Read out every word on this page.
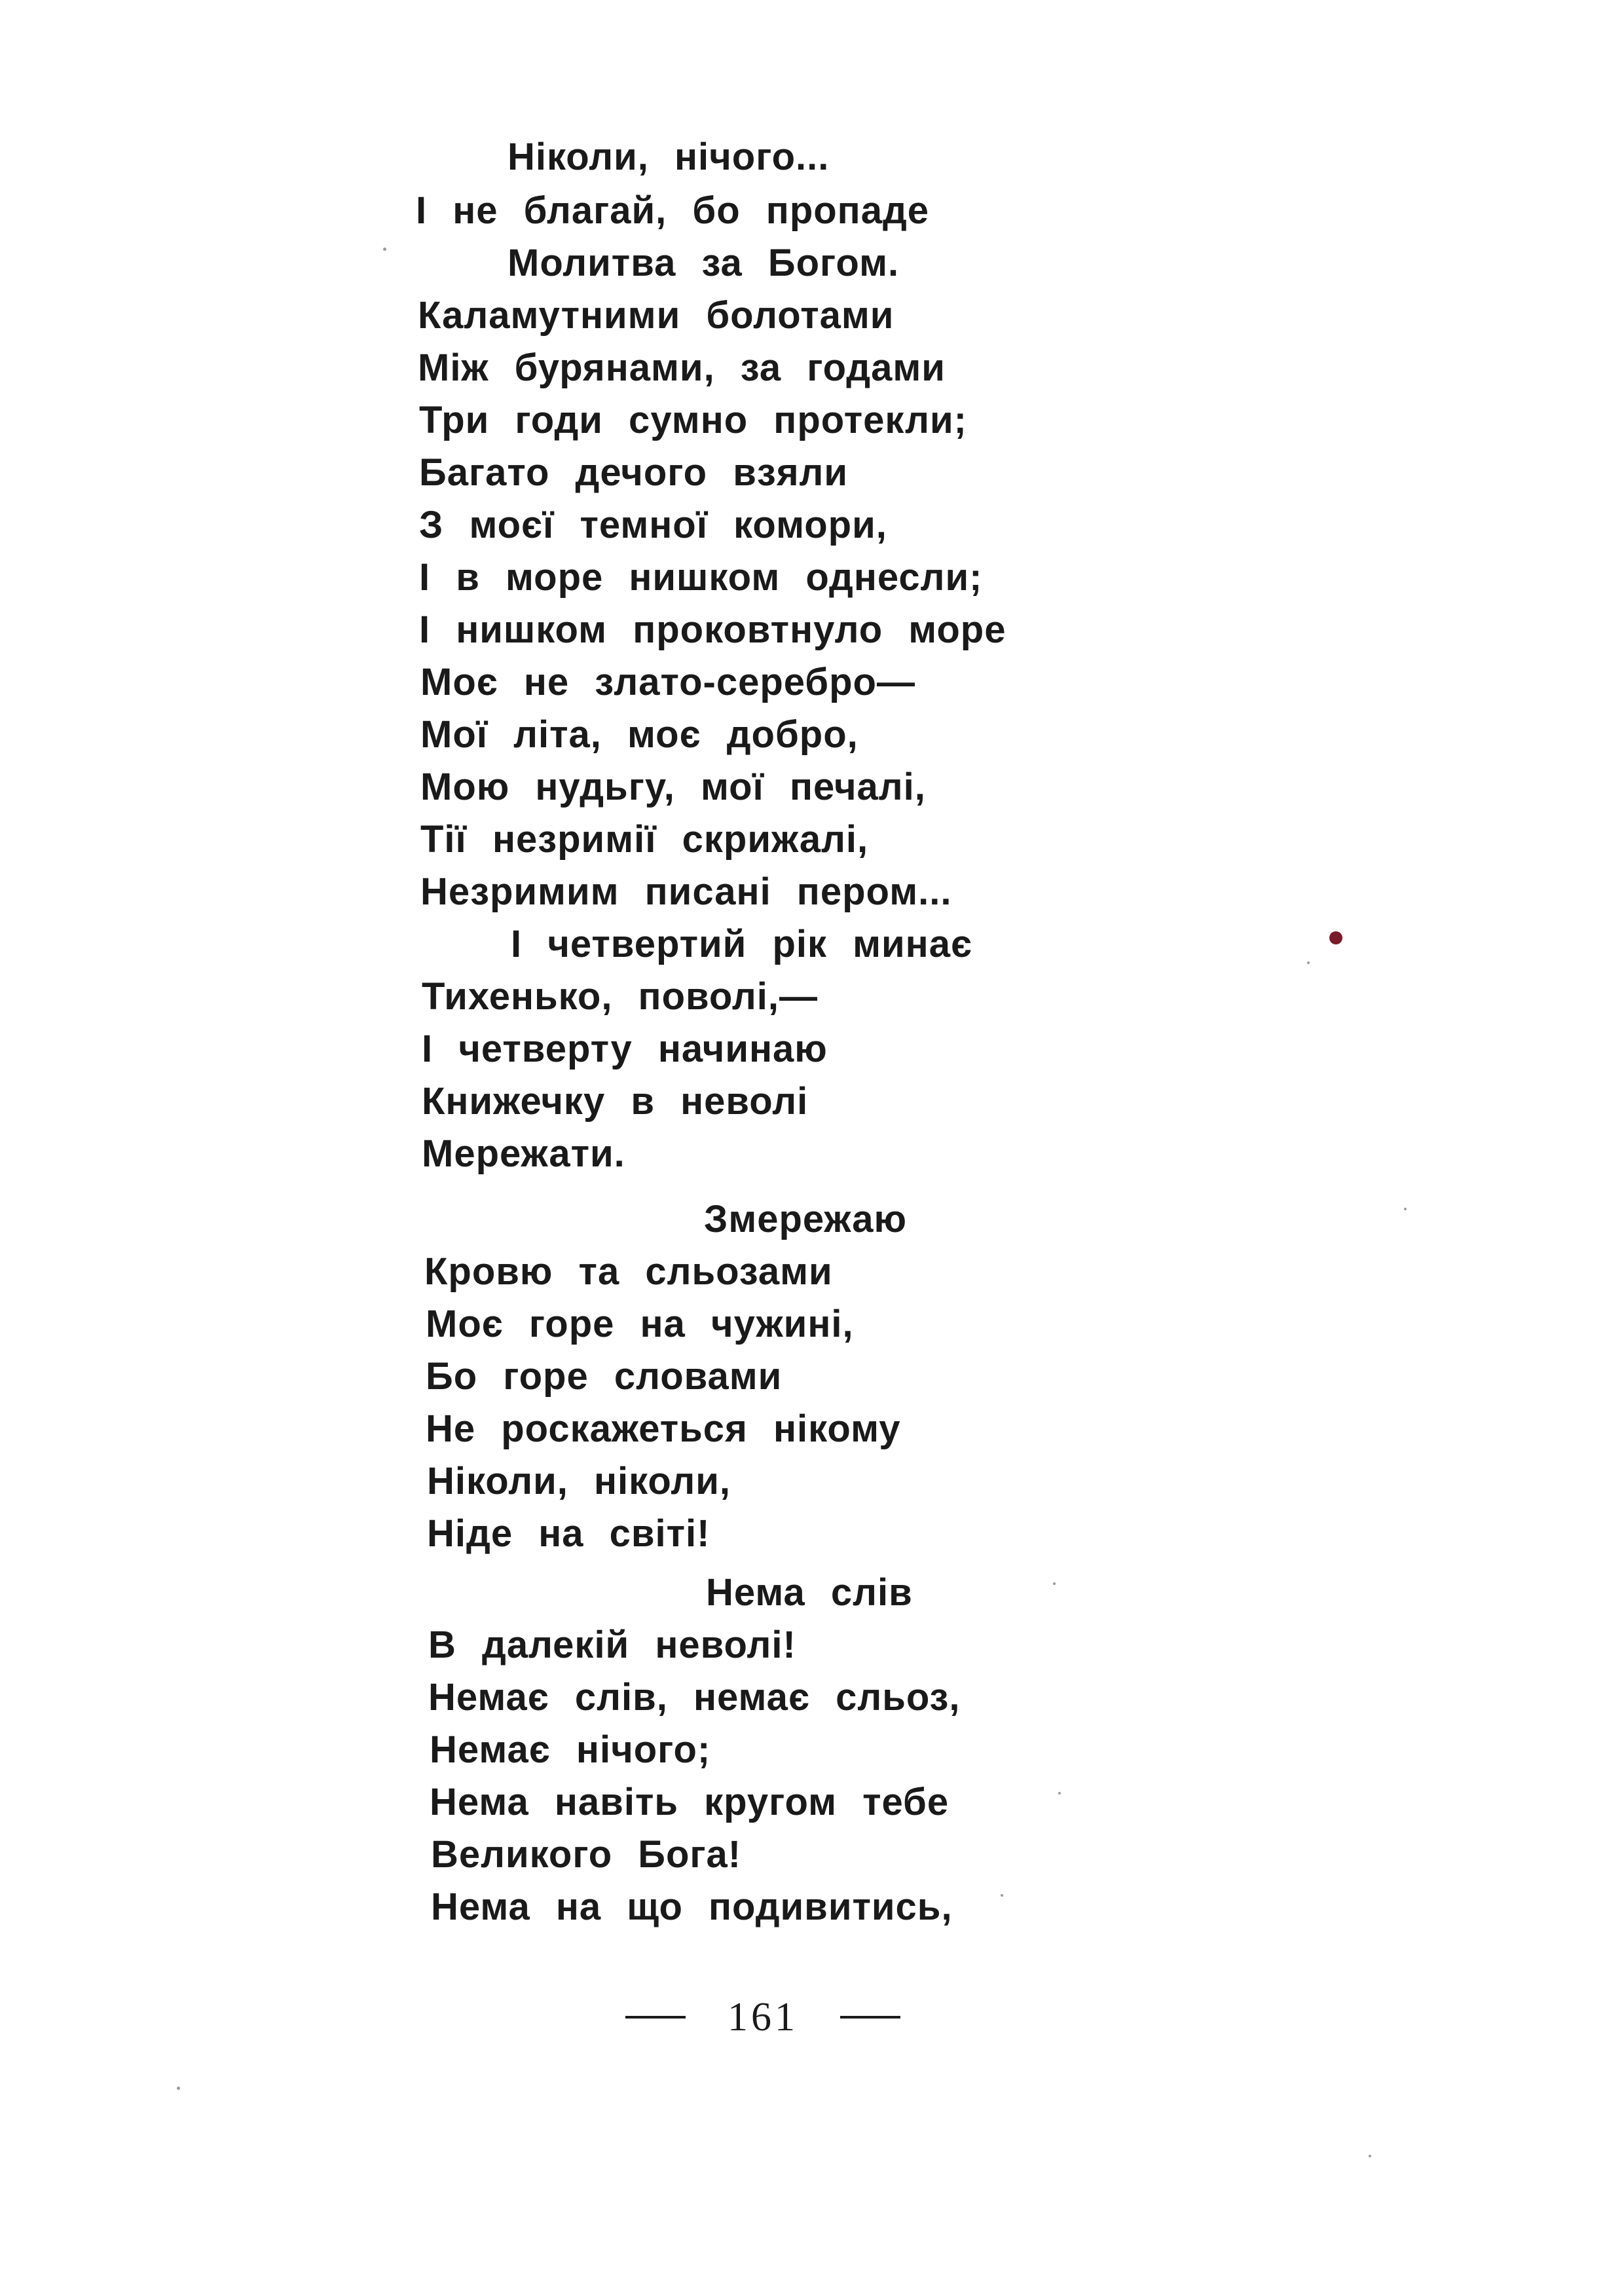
Ніколи, нічого...
І не благай, бо пропаде
Молитва за Богом.
Каламутними болотами
Між бурянами, за годами
Три годи сумно протекли;
Багато дечого взяли
З моєї темної комори,
І в море нишком однесли;
І нишком проковтнуло море
Моє не злато-серебро—
Мої літа, моє добро,
Мою нудьгу, мої печалі,
Тії незримії скрижалі,
Незримим писані пером...
І четвертий рік минає
Тихенько, поволі,—
І четверту начинаю
Книжечку в неволі
Мережати.
Змережаю
Кровю та сльозами
Моє горе на чужині,
Бо горе словами
Не роскажеться нікому
Ніколи, ніколи,
Ніде на світі!
Нема слів
В далекій неволі!
Немає слів, немає сльоз,
Немає нічого;
Нема навіть кругом тебе
Великого Бога!
Нема на що подивитись,
161
